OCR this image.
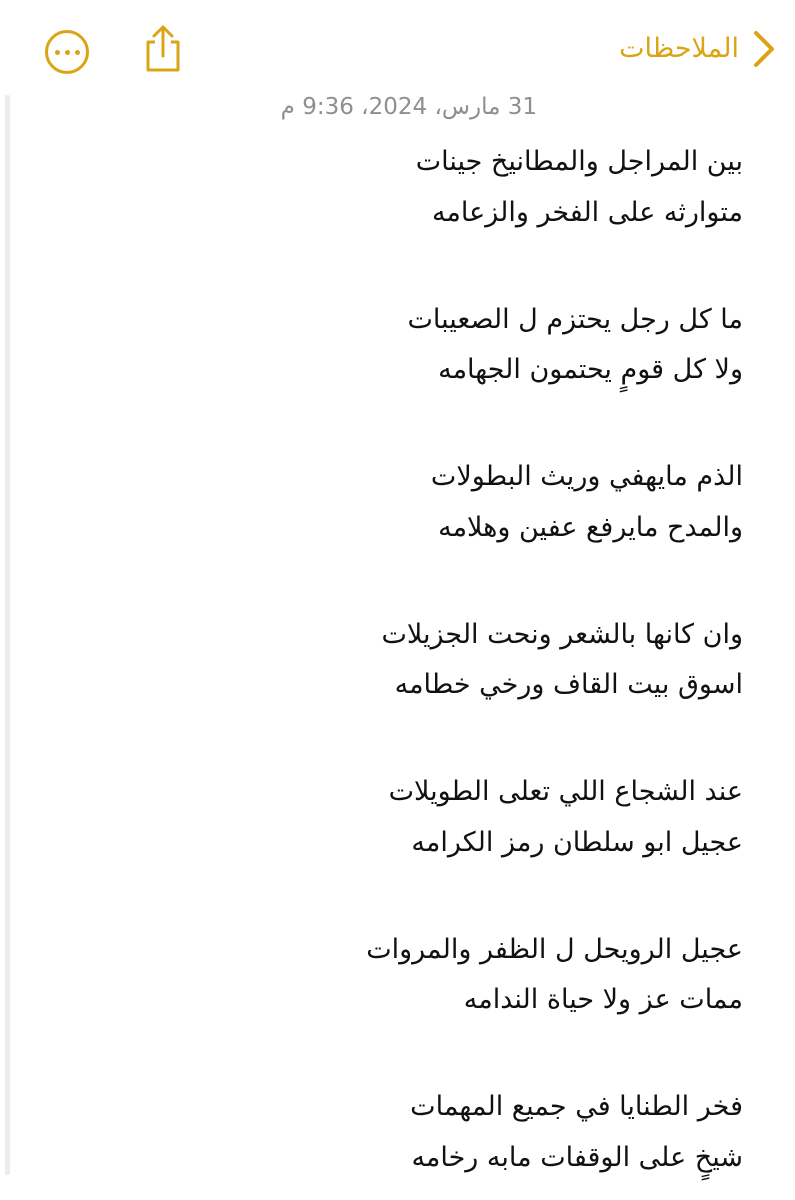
الملاحظات
31 مارس، 2024، 9:36 م
بين المراجل والمطانيخ جينات
متوارثه على الفخر والزعامه
ما كل رجل يحتزم ل الصعيبات
ولا كل قومٍ يحتمون الجهامه
الذم مايهفي وريث البطولات
والمدح مايرفع عفين وهلامه
وان كانها بالشعر ونحت الجزيلات
اسوق بيت القاف ورخي خطامه
عند الشجاع اللي تعلى الطويلات
عجيل ابو سلطان رمز الكرامه
عجيل الرويحل ل الظفر والمروات
ممات عز ولا حياة الندامه
فخر الطنايا في جميع المهمات
شيخٍ على الوقفات مابه رخامه
